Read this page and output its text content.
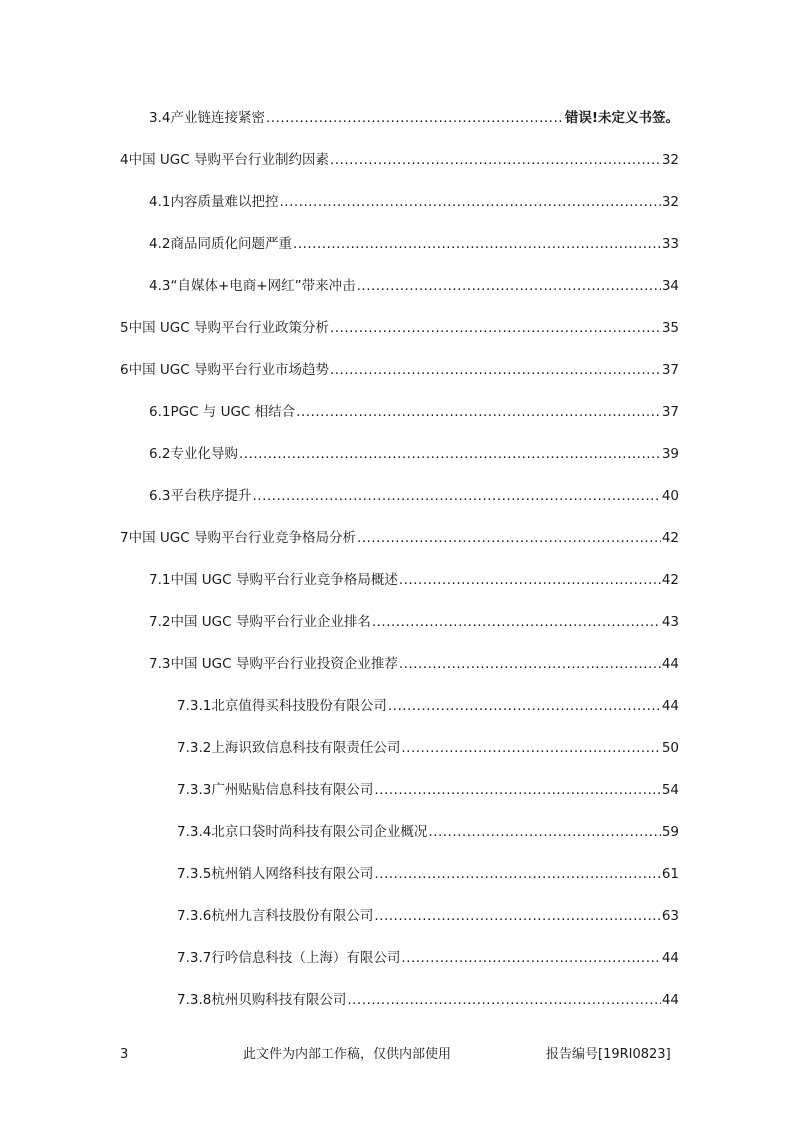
3.4 产业链连接紧密 .....	错误!未定义书签。
4 中国 UGC 导购平台行业制约因素 .....	32
4.1 内容质量难以把控 .....	32
4.2 商品同质化问题严重 .....	33
4.3 “自媒体+电商+网红”带来冲击 .....	34
5 中国 UGC 导购平台行业政策分析 .....	35
6 中国 UGC 导购平台行业市场趋势 .....	37
6.1 PGC 与 UGC 相结合 .....	37
6.2 专业化导购 .....	39
6.3 平台秩序提升 .....	40
7 中国 UGC 导购平台行业竞争格局分析 .....	42
7.1 中国 UGC 导购平台行业竞争格局概述 .....	42
7.2 中国 UGC 导购平台行业企业排名 .....	43
7.3 中国 UGC 导购平台行业投资企业推荐 .....	44
7.3.1 北京值得买科技股份有限公司 .....	44
7.3.2 上海识致信息科技有限责任公司 .....	50
7.3.3 广州贴贴信息科技有限公司 .....	54
7.3.4 北京口袋时尚科技有限公司企业概况 .....	59
7.3.5 杭州销人网络科技有限公司 .....	61
7.3.6 杭州九言科技股份有限公司 .....	63
7.3.7 行吟信息科技（上海）有限公司 .....	44
7.3.8 杭州贝购科技有限公司 .....	44
3	此文件为内部工作稿，仅供内部使用	报告编号[19RI0823]
